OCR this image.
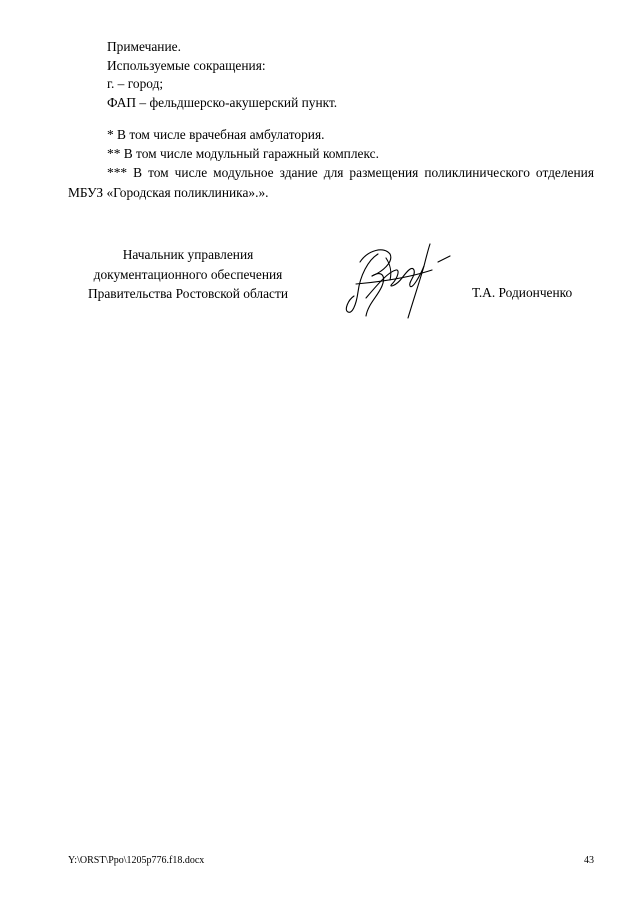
Примечание.
Используемые сокращения:
г. – город;
ФАП – фельдшерско-акушерский пункт.
* В том числе врачебная амбулатория.
** В том числе модульный гаражный комплекс.
*** В том числе модульное здание для размещения поликлинического отделения МБУЗ «Городская поликлиника».».
Начальник управления
документационного обеспечения
Правительства Ростовской области	Т.А. Родионченко
Y:\ORST\Ppo\1205p776.f18.docx	43
